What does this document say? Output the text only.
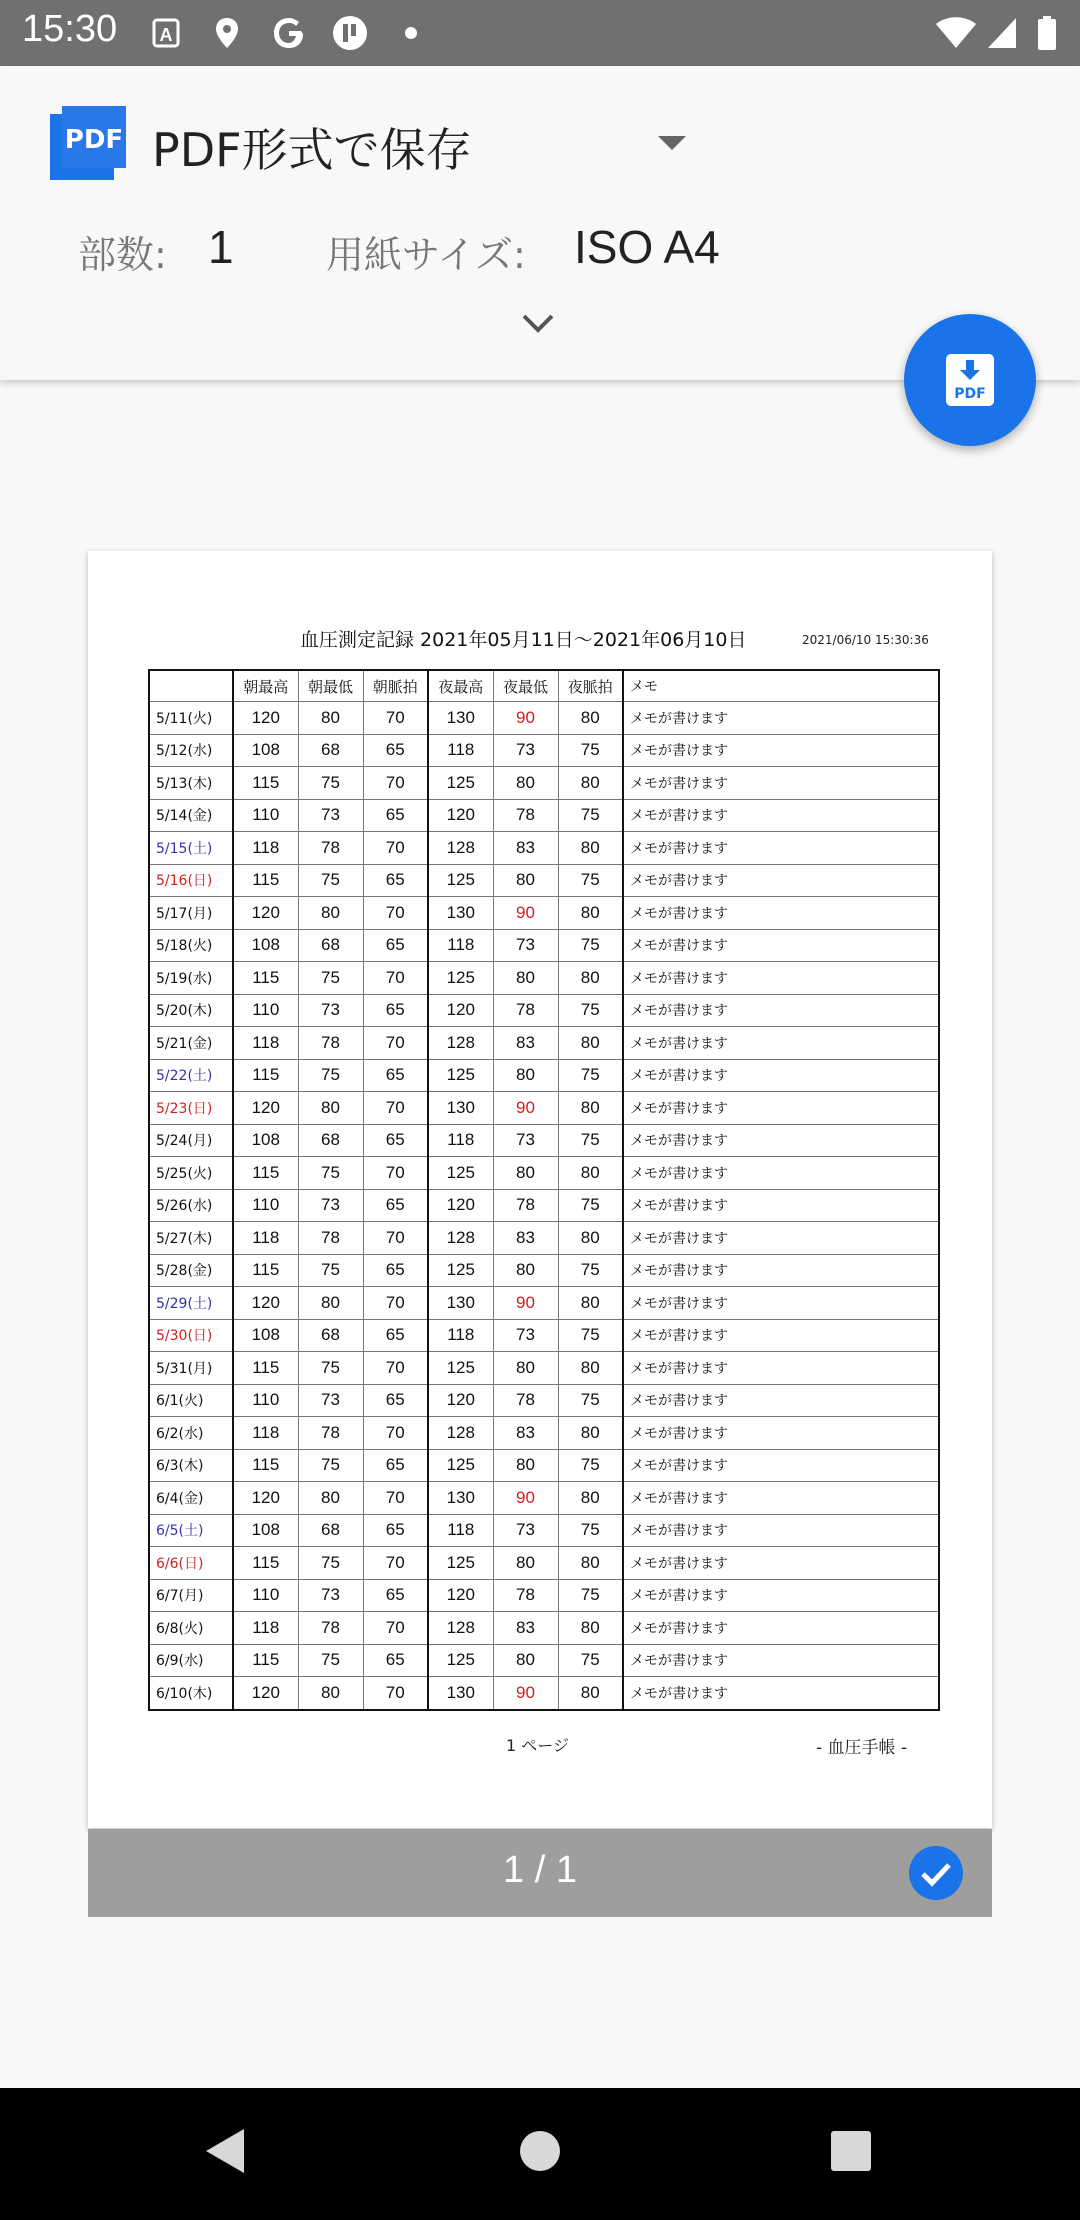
15:30 A
PDF PDF形式で保存
部数: 1 用紙サイズ: ISO A4
PDF
血圧測定記録 2021年05月11日〜2021年06月10日	2021/06/10 15:30:36
	朝最高	朝最低	朝脈拍	夜最高	夜最低	夜脈拍	メモ
5/11(火)	120	80	70	130	90	80	メモが書けます
5/12(水)	108	68	65	118	73	75	メモが書けます
5/13(木)	115	75	70	125	80	80	メモが書けます
5/14(金)	110	73	65	120	78	75	メモが書けます
5/15(土)	118	78	70	128	83	80	メモが書けます
5/16(日)	115	75	65	125	80	75	メモが書けます
5/17(月)	120	80	70	130	90	80	メモが書けます
5/18(火)	108	68	65	118	73	75	メモが書けます
5/19(水)	115	75	70	125	80	80	メモが書けます
5/20(木)	110	73	65	120	78	75	メモが書けます
5/21(金)	118	78	70	128	83	80	メモが書けます
5/22(土)	115	75	65	125	80	75	メモが書けます
5/23(日)	120	80	70	130	90	80	メモが書けます
5/24(月)	108	68	65	118	73	75	メモが書けます
5/25(火)	115	75	70	125	80	80	メモが書けます
5/26(水)	110	73	65	120	78	75	メモが書けます
5/27(木)	118	78	70	128	83	80	メモが書けます
5/28(金)	115	75	65	125	80	75	メモが書けます
5/29(土)	120	80	70	130	90	80	メモが書けます
5/30(日)	108	68	65	118	73	75	メモが書けます
5/31(月)	115	75	70	125	80	80	メモが書けます
6/1(火)	110	73	65	120	78	75	メモが書けます
6/2(水)	118	78	70	128	83	80	メモが書けます
6/3(木)	115	75	65	125	80	75	メモが書けます
6/4(金)	120	80	70	130	90	80	メモが書けます
6/5(土)	108	68	65	118	73	75	メモが書けます
6/6(日)	115	75	70	125	80	80	メモが書けます
6/7(月)	110	73	65	120	78	75	メモが書けます
6/8(火)	118	78	70	128	83	80	メモが書けます
6/9(水)	115	75	65	125	80	75	メモが書けます
6/10(木)	120	80	70	130	90	80	メモが書けます
1 ページ	- 血圧手帳 -
1 / 1
